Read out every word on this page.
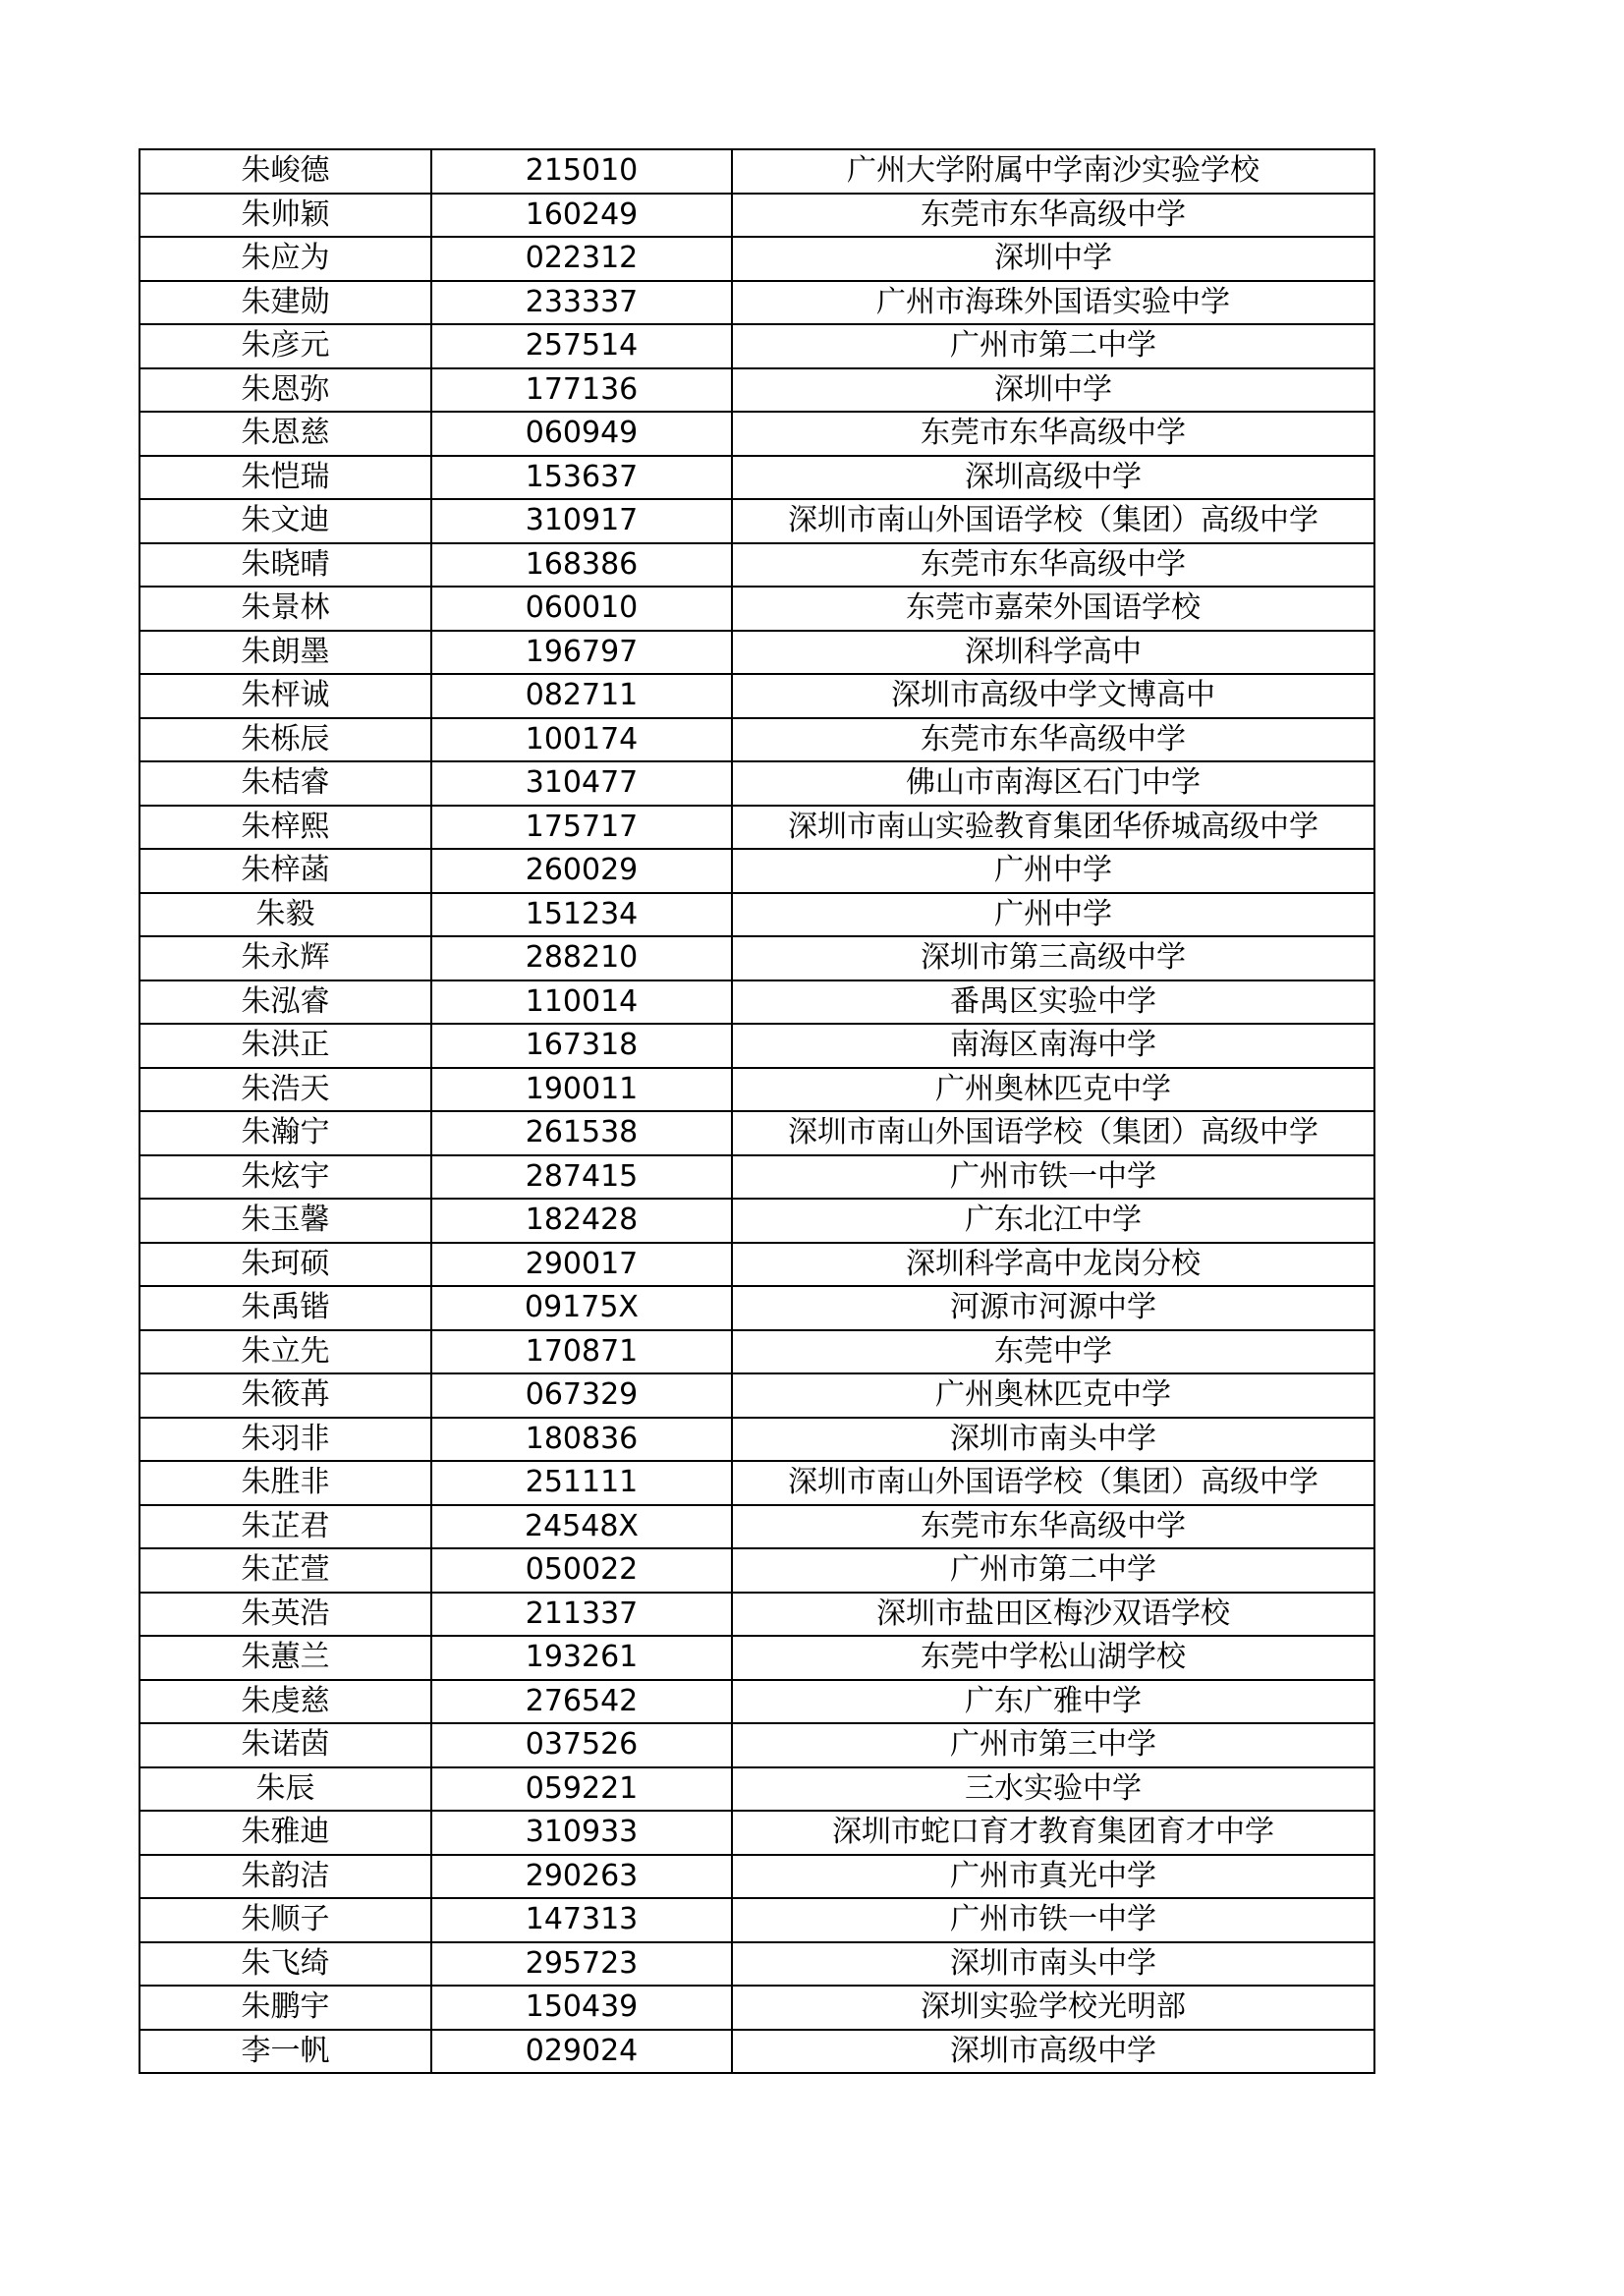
朱峻德	215010	广州大学附属中学南沙实验学校
朱帅颖	160249	东莞市东华高级中学
朱应为	022312	深圳中学
朱建勋	233337	广州市海珠外国语实验中学
朱彦元	257514	广州市第二中学
朱恩弥	177136	深圳中学
朱恩慈	060949	东莞市东华高级中学
朱恺瑞	153637	深圳高级中学
朱文迪	310917	深圳市南山外国语学校（集团）高级中学
朱晓晴	168386	东莞市东华高级中学
朱景林	060010	东莞市嘉荣外国语学校
朱朗墨	196797	深圳科学高中
朱枰诚	082711	深圳市高级中学文博高中
朱栎辰	100174	东莞市东华高级中学
朱桔睿	310477	佛山市南海区石门中学
朱梓熙	175717	深圳市南山实验教育集团华侨城高级中学
朱梓菡	260029	广州中学
朱毅	151234	广州中学
朱永辉	288210	深圳市第三高级中学
朱泓睿	110014	番禺区实验中学
朱洪正	167318	南海区南海中学
朱浩天	190011	广州奥林匹克中学
朱瀚宁	261538	深圳市南山外国语学校（集团）高级中学
朱炫宇	287415	广州市铁一中学
朱玉馨	182428	广东北江中学
朱珂硕	290017	深圳科学高中龙岗分校
朱禹锴	09175X	河源市河源中学
朱立先	170871	东莞中学
朱筱苒	067329	广州奥林匹克中学
朱羽非	180836	深圳市南头中学
朱胜非	251111	深圳市南山外国语学校（集团）高级中学
朱芷君	24548X	东莞市东华高级中学
朱芷萱	050022	广州市第二中学
朱英浩	211337	深圳市盐田区梅沙双语学校
朱蕙兰	193261	东莞中学松山湖学校
朱虔慈	276542	广东广雅中学
朱诺茵	037526	广州市第三中学
朱辰	059221	三水实验中学
朱雅迪	310933	深圳市蛇口育才教育集团育才中学
朱韵洁	290263	广州市真光中学
朱顺子	147313	广州市铁一中学
朱飞绮	295723	深圳市南头中学
朱鹏宇	150439	深圳实验学校光明部
李一帆	029024	深圳市高级中学
